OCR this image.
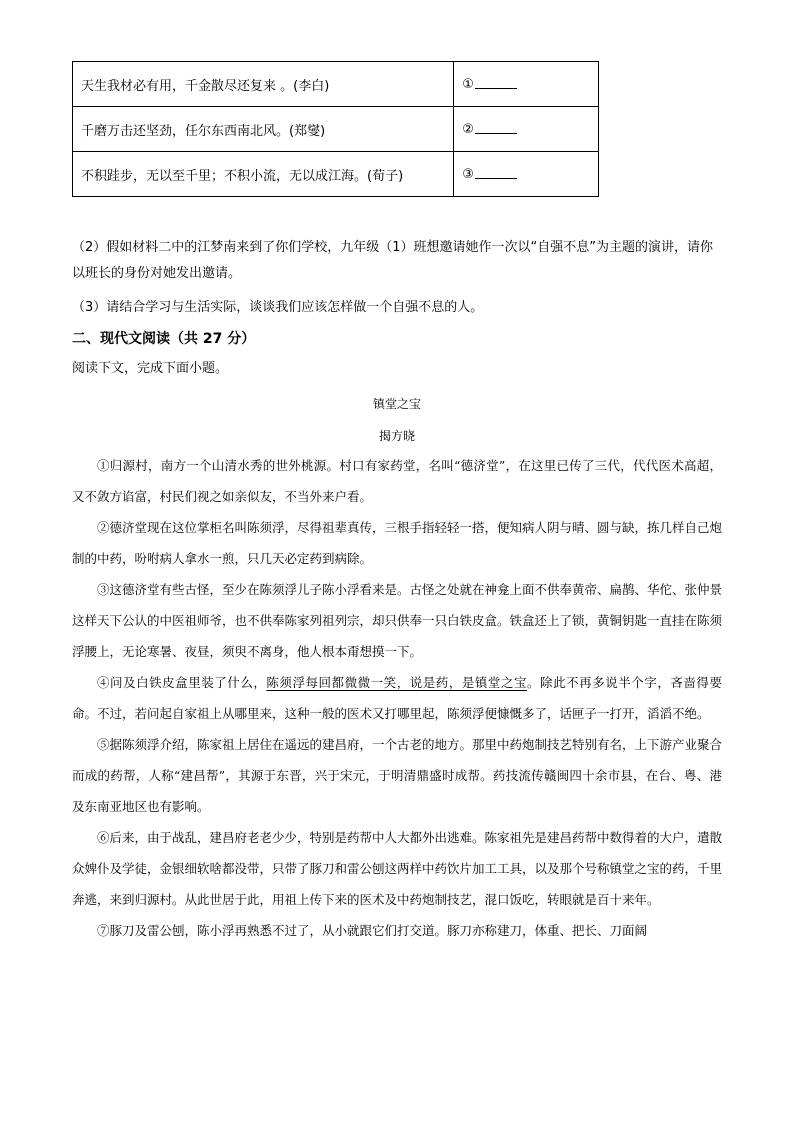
天生我材必有用，千金散尽还复来 。(李白)	①
千磨万击还坚劲，任尔东西南北风。(郑燮)	②
不积跬步，无以至千里；不积小流，无以成江海。(荀子)	③
（2）假如材料二中的江梦南来到了你们学校，九年级（1）班想邀请她作一次以“自强不息”为主题的演讲，请你以班长的身份对她发出邀请。
（3）请结合学习与生活实际，谈谈我们应该怎样做一个自强不息的人。
二、现代文阅读（共 27 分）
阅读下文，完成下面小题。
镇堂之宝
揭方晓

①归源村，南方一个山清水秀的世外桃源。村口有家药堂，名叫“德济堂”，在这里已传了三代，代代医术高超，又不敛方谄富，村民们视之如亲似友，不当外来户看。

②德济堂现在这位掌柜名叫陈须浮，尽得祖辈真传，三根手指轻轻一搭，便知病人阴与晴、圆与缺，拣几样自己炮制的中药，吩咐病人拿水一煎，只几天必定药到病除。

③这德济堂有些古怪，至少在陈须浮儿子陈小浮看来是。古怪之处就在神龛上面不供奉黄帝、扁鹊、华佗、张仲景这样天下公认的中医祖师爷，也不供奉陈家列祖列宗，却只供奉一只白铁皮盒。铁盒还上了锁，黄铜钥匙一直挂在陈须浮腰上，无论寒暑、夜昼，须臾不离身，他人根本甭想摸一下。

④问及白铁皮盒里装了什么，陈须浮每回都微微一笑，说是药，是镇堂之宝。除此不再多说半个字，吝啬得要命。不过，若问起自家祖上从哪里来，这种一般的医术又打哪里起，陈须浮便慷慨多了，话匣子一打开，滔滔不绝。

⑤据陈须浮介绍，陈家祖上居住在遥远的建昌府，一个古老的地方。那里中药炮制技艺特别有名，上下游产业聚合而成的药帮，人称“建昌帮”，其源于东晋，兴于宋元，于明清鼎盛时成帮。药技流传赣闽四十余市县，在台、粤、港及东南亚地区也有影响。

⑥后来，由于战乱，建昌府老老少少，特别是药帮中人大都外出逃难。陈家祖先是建昌药帮中数得着的大户，遣散众婢仆及学徒，金银细软啥都没带，只带了豚刀和雷公刨这两样中药饮片加工工具，以及那个号称镇堂之宝的药，千里奔逃，来到归源村。从此世居于此，用祖上传下来的医术及中药炮制技艺，混口饭吃，转眼就是百十来年。

⑦豚刀及雷公刨，陈小浮再熟悉不过了，从小就跟它们打交道。豚刀亦称建刀，体重、把长、刀面阔
